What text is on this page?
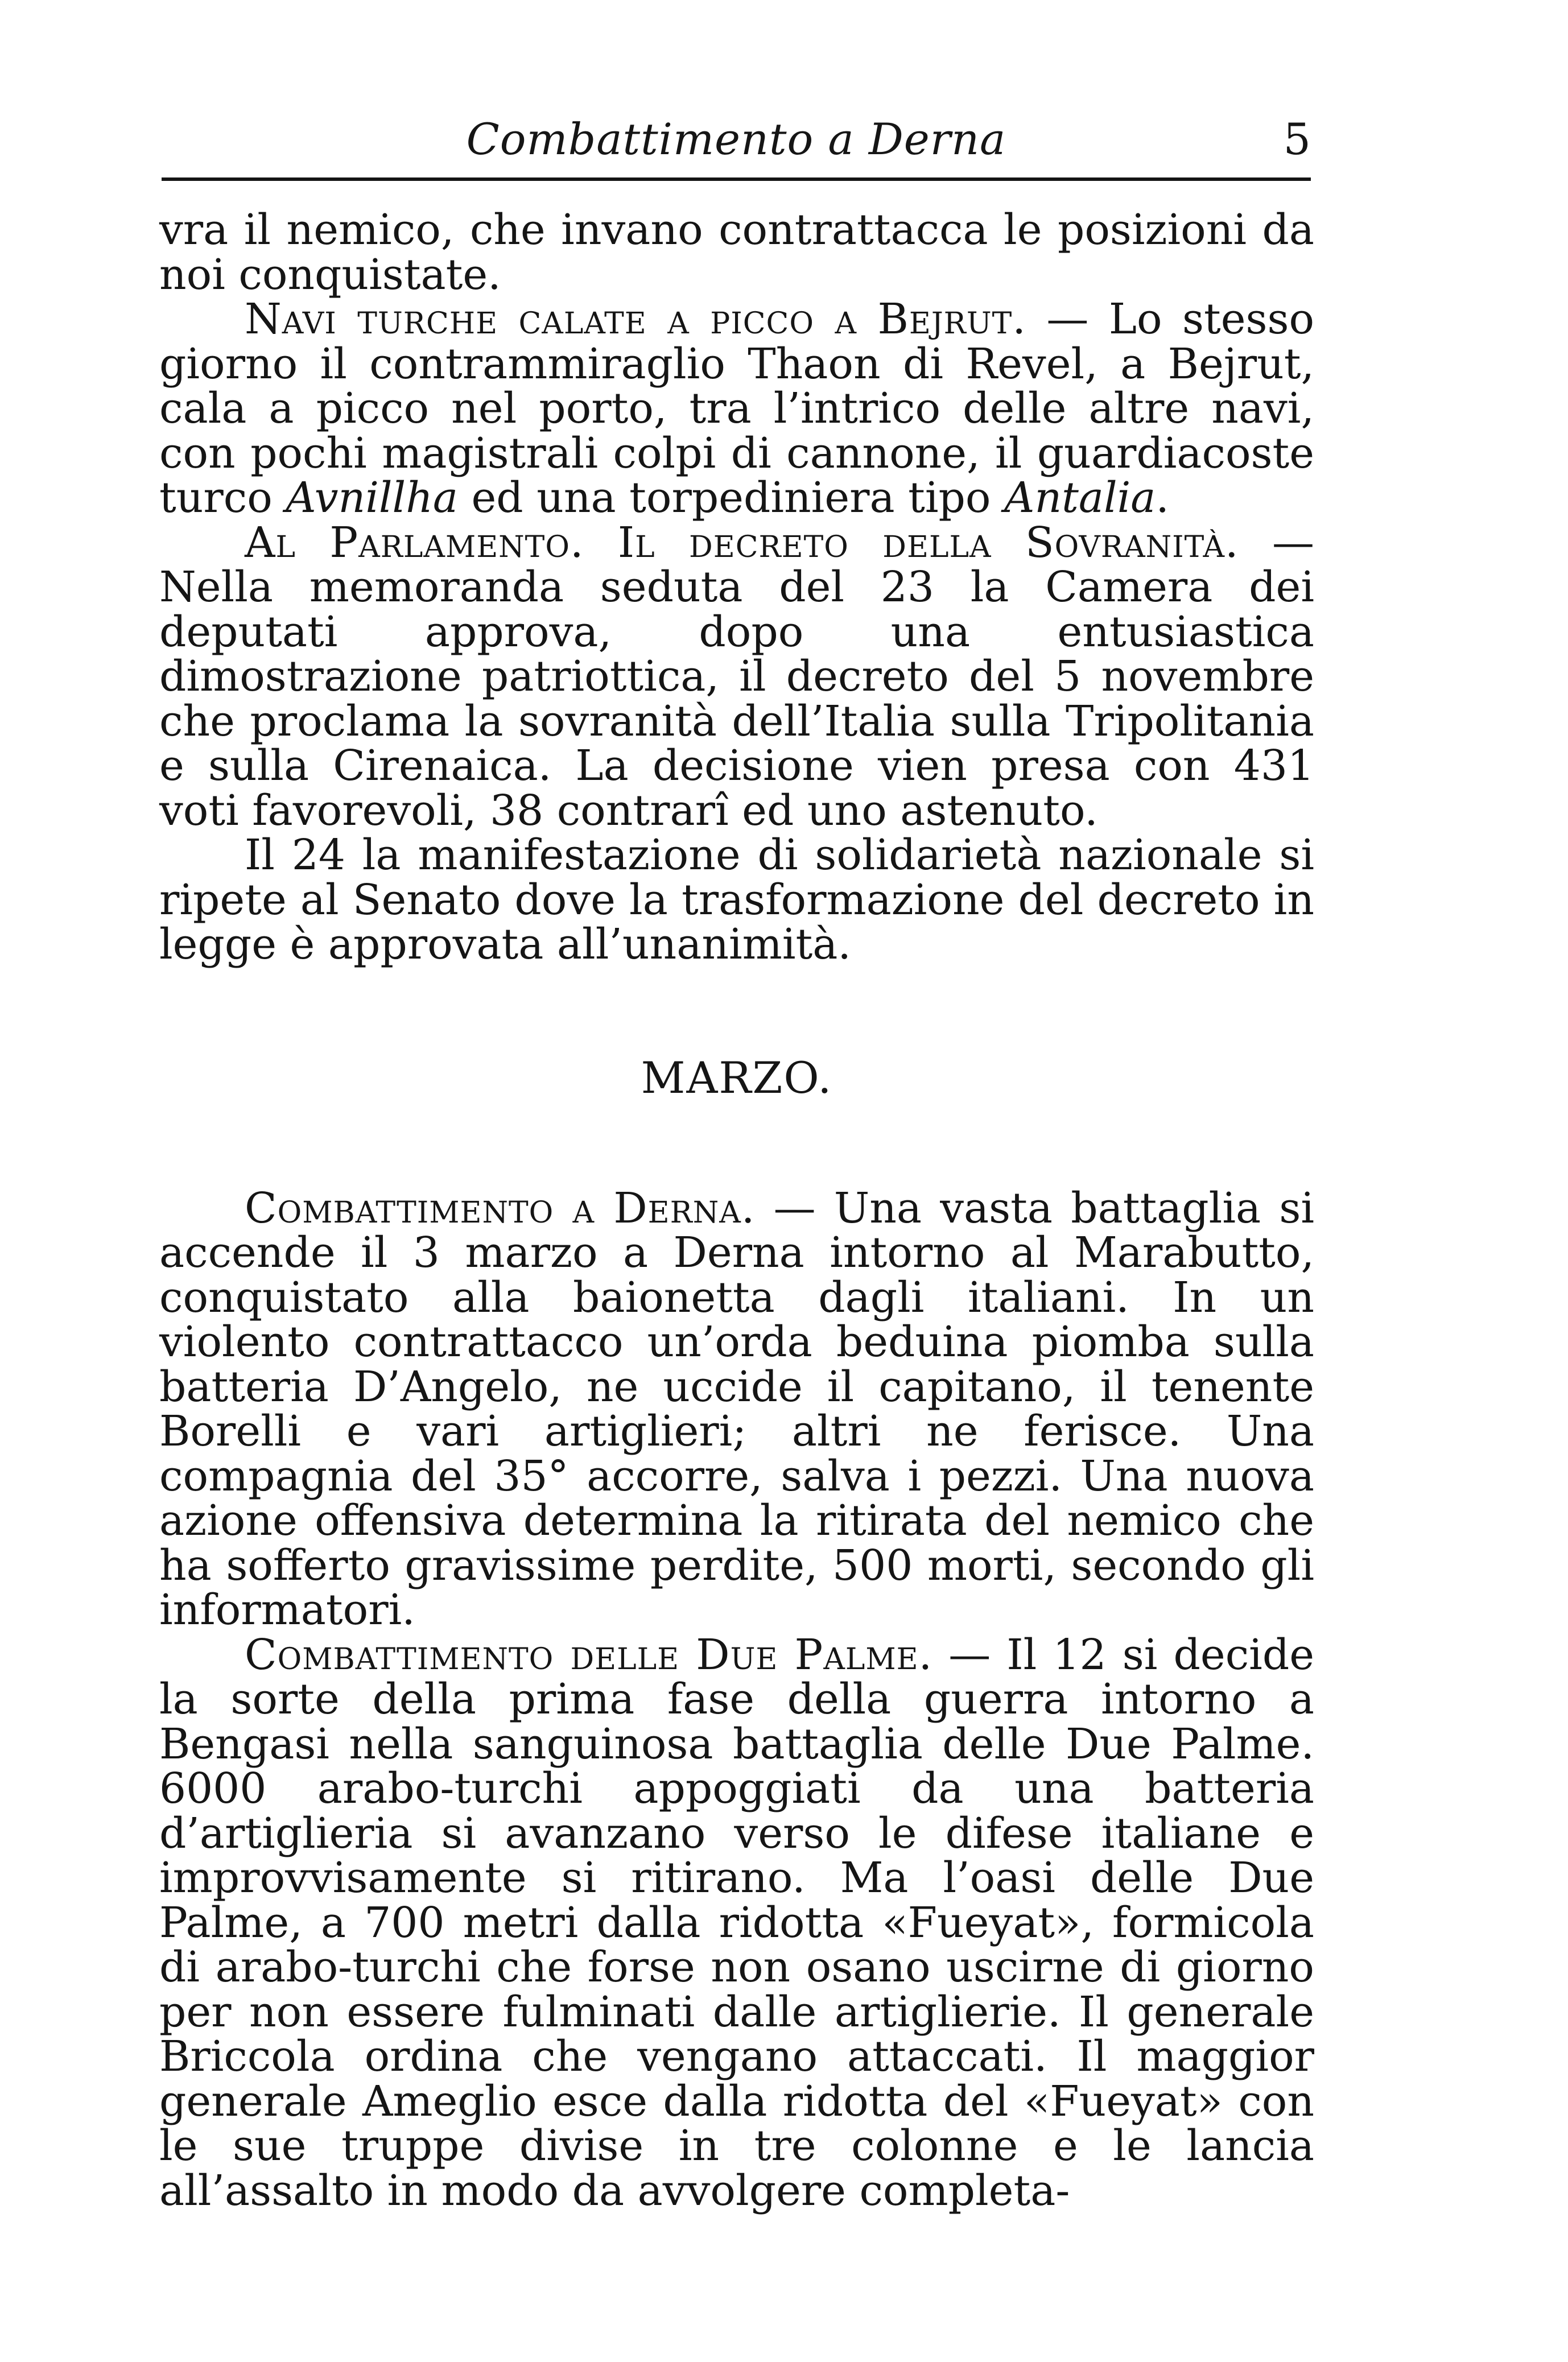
Combattimento a Derna	5

vra il nemico, che invano contrattacca le posizioni da noi conquistate.

Navi turche calate a picco a Bejrut. — Lo stesso giorno il contrammiraglio Thaon di Revel, a Bejrut, cala a picco nel porto, tra l’intrico delle altre navi, con pochi magistrali colpi di cannone, il guardiacoste turco Avnillha ed una torpediniera tipo Antalia.

Al Parlamento. Il decreto della Sovranità. — Nella memoranda seduta del 23 la Camera dei deputati approva, dopo una entusiastica dimostrazione patriottica, il decreto del 5 novembre che proclama la sovranità dell’Italia sulla Tripolitania e sulla Cirenaica. La decisione vien presa con 431 voti favorevoli, 38 contrarî ed uno astenuto.

Il 24 la manifestazione di solidarietà nazionale si ripete al Senato dove la trasformazione del decreto in legge è approvata all’unanimità.

MARZO.

Combattimento a Derna. — Una vasta battaglia si accende il 3 marzo a Derna intorno al Marabutto, conquistato alla baionetta dagli italiani. In un violento contrattacco un’orda beduina piomba sulla batteria D’Angelo, ne uccide il capitano, il tenente Borelli e vari artiglieri; altri ne ferisce. Una compagnia del 35° accorre, salva i pezzi. Una nuova azione offensiva determina la ritirata del nemico che ha sofferto gravissime perdite, 500 morti, secondo gli informatori.

Combattimento delle Due Palme. — Il 12 si decide la sorte della prima fase della guerra intorno a Bengasi nella sanguinosa battaglia delle Due Palme. 6000 arabo-turchi appoggiati da una batteria d’artiglieria si avanzano verso le difese italiane e improvvisamente si ritirano. Ma l’oasi delle Due Palme, a 700 metri dalla ridotta «Fueyat», formicola di arabo-turchi che forse non osano uscirne di giorno per non essere fulminati dalle artiglierie. Il generale Briccola ordina che vengano attaccati. Il maggior generale Ameglio esce dalla ridotta del «Fueyat» con le sue truppe divise in tre colonne e le lancia all’assalto in modo da avvolgere completa-
